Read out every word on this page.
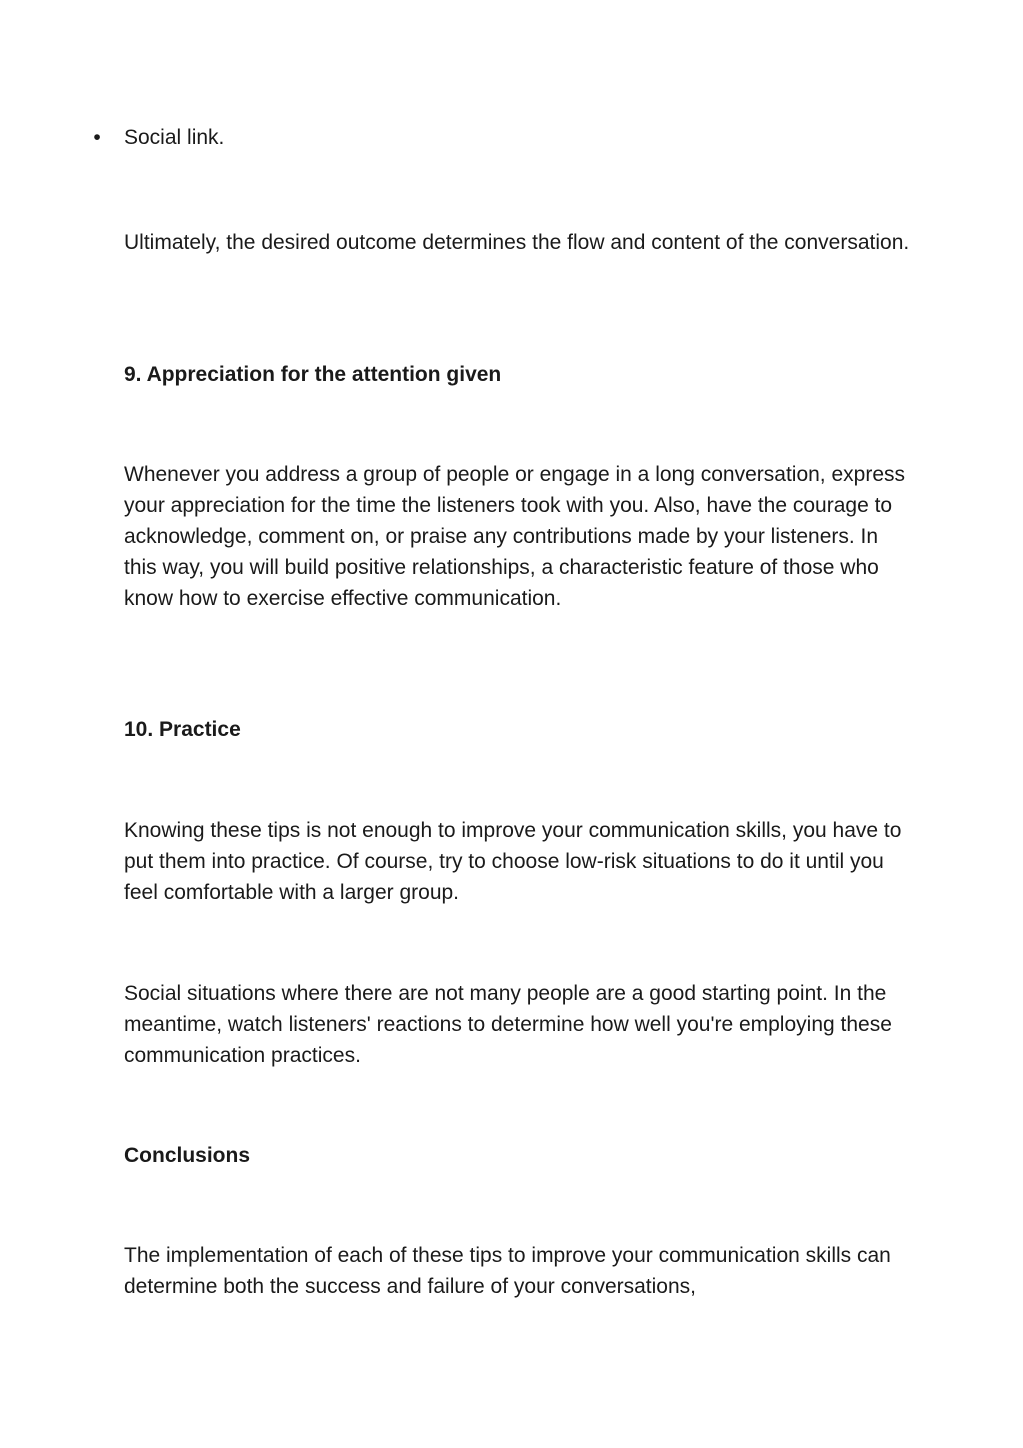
• Social link.

Ultimately, the desired outcome determines the flow and content of the conversation.

9. Appreciation for the attention given

Whenever you address a group of people or engage in a long conversation, express your appreciation for the time the listeners took with you. Also, have the courage to acknowledge, comment on, or praise any contributions made by your listeners. In this way, you will build positive relationships, a characteristic feature of those who know how to exercise effective communication.

10. Practice

Knowing these tips is not enough to improve your communication skills, you have to put them into practice. Of course, try to choose low-risk situations to do it until you feel comfortable with a larger group.

Social situations where there are not many people are a good starting point. In the meantime, watch listeners' reactions to determine how well you're employing these communication practices.

Conclusions

The implementation of each of these tips to improve your communication skills can determine both the success and failure of your conversations,
